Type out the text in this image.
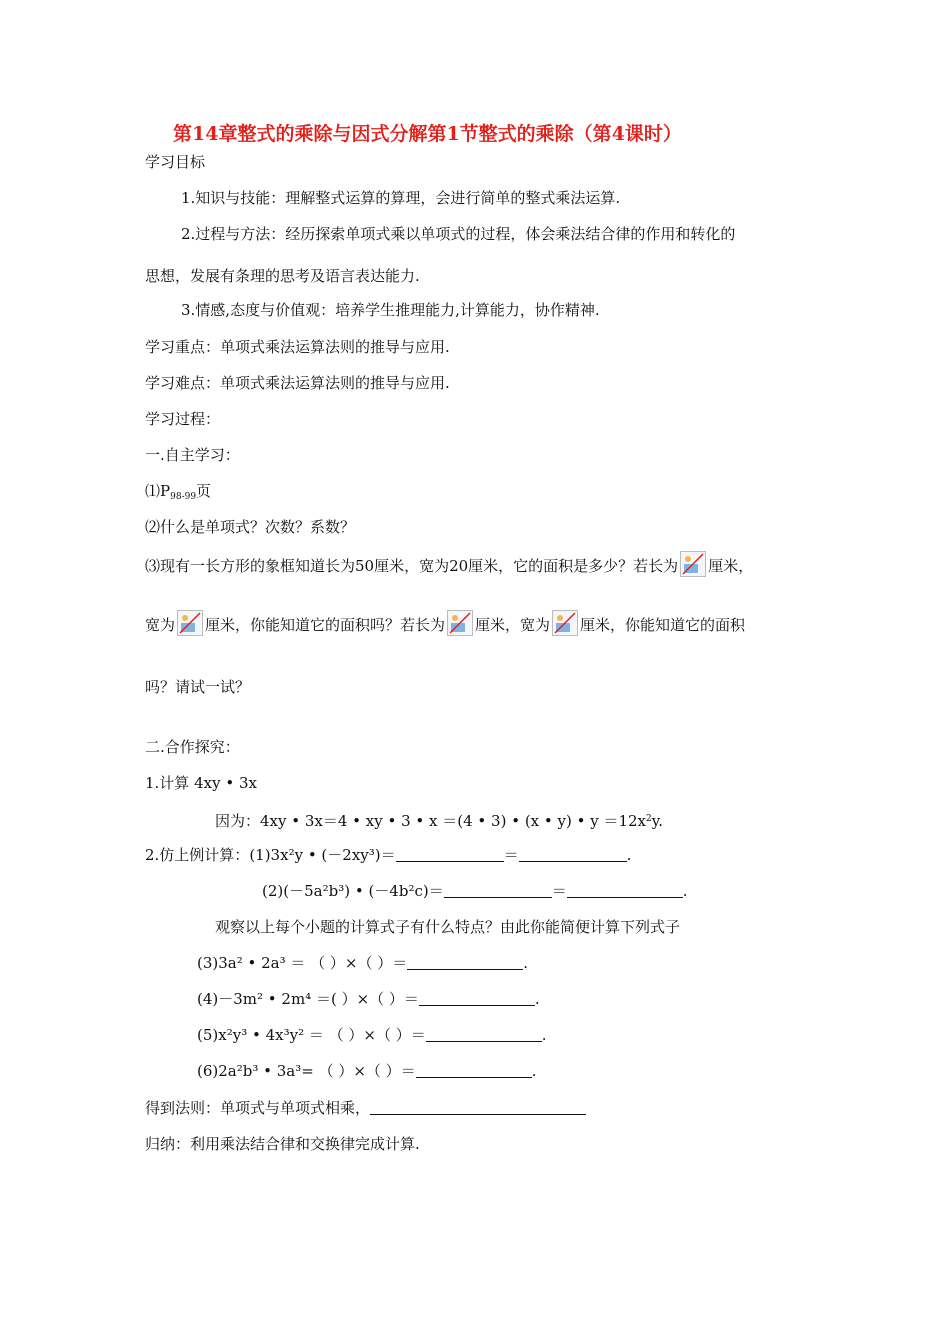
第14章整式的乘除与因式分解第1节整式的乘除（第4课时）
学习目标
1.知识与技能：理解整式运算的算理，会进行简单的整式乘法运算.
2.过程与方法：经历探索单项式乘以单项式的过程，体会乘法结合律的作用和转化的
思想，发展有条理的思考及语言表达能力.
3.情感,态度与价值观：培养学生推理能力,计算能力，协作精神.
学习重点：单项式乘法运算法则的推导与应用.
学习难点：单项式乘法运算法则的推导与应用.
学习过程：
一.自主学习：
$⑴P_{98-99}$页
⑵什么是单项式？次数？系数？
⑶现有一长方形的象框知道长为50厘米，宽为20厘米，它的面积是多少？若长为 厘米，
宽为 厘米，你能知道它的面积吗？若长为 厘米，宽为 厘米，你能知道它的面积
吗？请试一试？
二.合作探究：
1.计算 4xy • 3x
因为：4xy • 3x＝4 • xy • 3 • x ＝(4 • 3) • (x • y) • $y =12x^2y$.
2.仿上例计算：(1)3x²y • (－2xy³)＝	＝	.
(2)(－5a²b³) • (－4b²c)＝	＝	.
观察以上每个小题的计算式子有什么特点？由此你能简便计算下列式子
(3)3a² • 2a³ ＝ （ ）×（ ）＝	.
(4)－3m² • 2m⁴ ＝( ）×（ ）＝	.
(5)x²y³ • 4x³y² ＝ （ ）×（ ）＝	.
(6)2a²b³ • 3a³= （ ）×（ ）＝	.
得到法则：单项式与单项式相乘，
归纳：利用乘法结合律和交换律完成计算.
